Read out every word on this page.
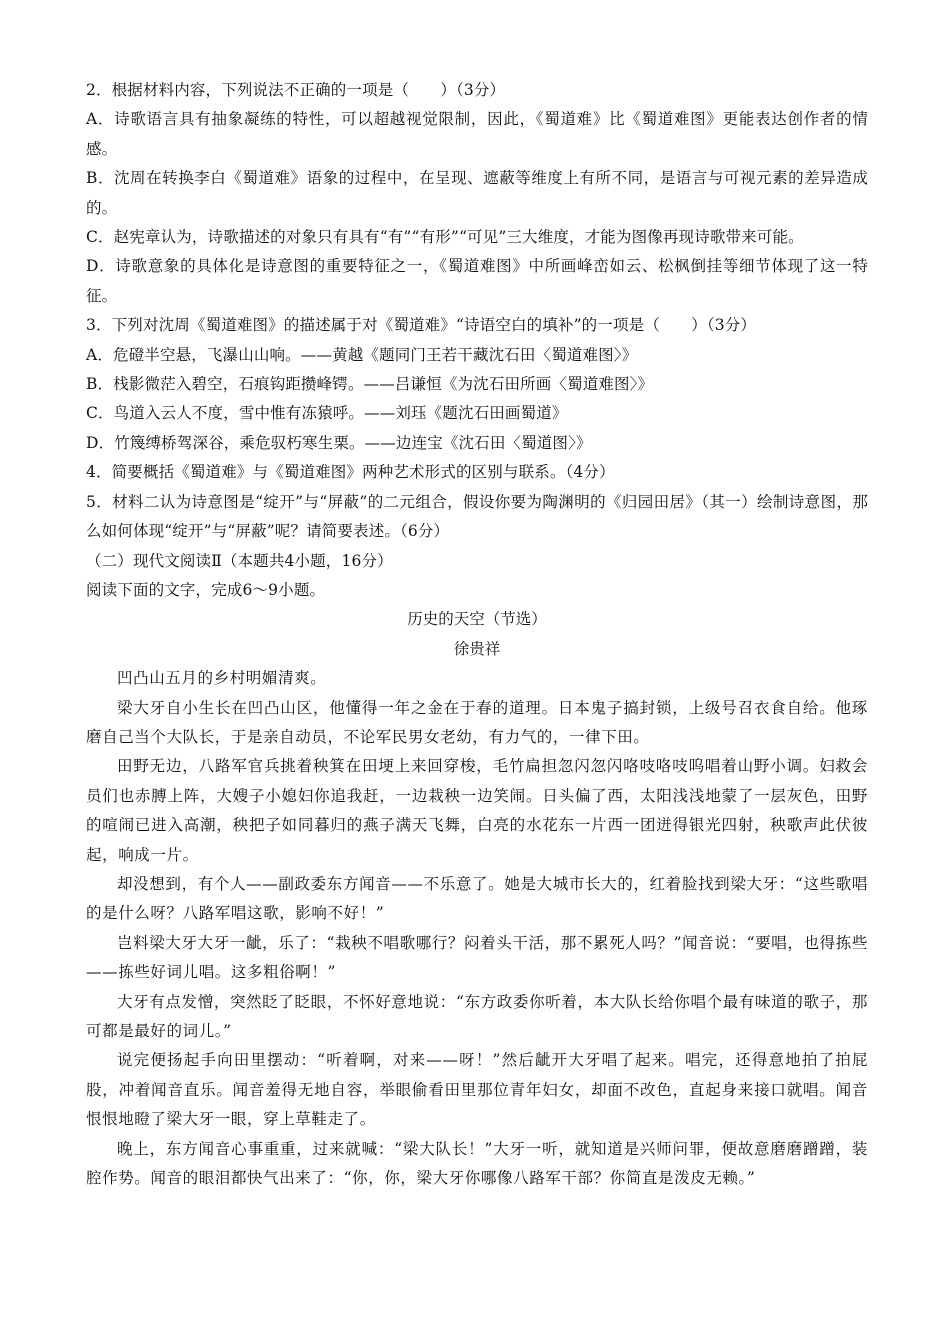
2．根据材料内容，下列说法不正确的一项是（　　）（3分）

A．诗歌语言具有抽象凝练的特性，可以超越视觉限制，因此，《蜀道难》比《蜀道难图》更能表达创作者的情感。

B．沈周在转换李白《蜀道难》语象的过程中，在呈现、遮蔽等维度上有所不同，是语言与可视元素的差异造成的。

C．赵宪章认为，诗歌描述的对象只有具有“有”“有形”“可见”三大维度，才能为图像再现诗歌带来可能。

D．诗歌意象的具体化是诗意图的重要特征之一，《蜀道难图》中所画峰峦如云、松枫倒挂等细节体现了这一特征。

3．下列对沈周《蜀道难图》的描述属于对《蜀道难》“诗语空白的填补”的一项是（　　）（3分）

A．危磴半空悬，飞瀑山山响。——黄越《题同门王若干藏沈石田〈蜀道难图〉》

B．栈影微茫入碧空，石痕钩距攒峰锷。——吕谦恒《为沈石田所画〈蜀道难图〉》

C．鸟道入云人不度，雪中惟有冻猿呼。——刘珏《题沈石田画蜀道》

D．竹篾缚桥驾深谷，乘危驭朽寒生栗。——边连宝《沈石田〈蜀道图〉》

4．简要概括《蜀道难》与《蜀道难图》两种艺术形式的区别与联系。（4分）

5．材料二认为诗意图是“绽开”与“屏蔽”的二元组合，假设你要为陶渊明的《归园田居》（其一）绘制诗意图，那么如何体现“绽开”与“屏蔽”呢？请简要表述。（6分）

（二）现代文阅读Ⅱ（本题共4小题，16分）

阅读下面的文字，完成6～9小题。

历史的天空（节选）

徐贵祥

凹凸山五月的乡村明媚清爽。

梁大牙自小生长在凹凸山区，他懂得一年之金在于春的道理。日本鬼子搞封锁，上级号召衣食自给。他琢磨自己当个大队长，于是亲自动员，不论军民男女老幼，有力气的，一律下田。

田野无边，八路军官兵挑着秧箕在田埂上来回穿梭，毛竹扁担忽闪忽闪咯吱咯吱呜唱着山野小调。妇救会员们也赤膊上阵，大嫂子小媳妇你追我赶，一边栽秧一边笑闹。日头偏了西，太阳浅浅地蒙了一层灰色，田野的喧闹已进入高潮，秧把子如同暮归的燕子满天飞舞，白亮的水花东一片西一团迸得银光四射，秧歌声此伏彼起，响成一片。

却没想到，有个人——副政委东方闻音——不乐意了。她是大城市长大的，红着脸找到梁大牙：“这些歌唱的是什么呀？八路军唱这歌，影响不好！”

岂料梁大牙大牙一龇，乐了：“栽秧不唱歌哪行？闷着头干活，那不累死人吗？”闻音说：“要唱，也得拣些——拣些好词儿唱。这多粗俗啊！”

大牙有点发憎，突然眨了眨眼，不怀好意地说：“东方政委你听着，本大队长给你唱个最有味道的歌子，那可都是最好的词儿。”

说完便扬起手向田里摆动：“听着啊，对来——呀！”然后龇开大牙唱了起来。唱完，还得意地拍了拍屁股，冲着闻音直乐。闻音羞得无地自容，举眼偷看田里那位青年妇女，却面不改色，直起身来接口就唱。闻音恨恨地瞪了梁大牙一眼，穿上草鞋走了。

晚上，东方闻音心事重重，过来就喊：“梁大队长！”大牙一听，就知道是兴师问罪，便故意磨磨蹭蹭，装腔作势。闻音的眼泪都快气出来了：“你，你，梁大牙你哪像八路军干部？你简直是泼皮无赖。”
